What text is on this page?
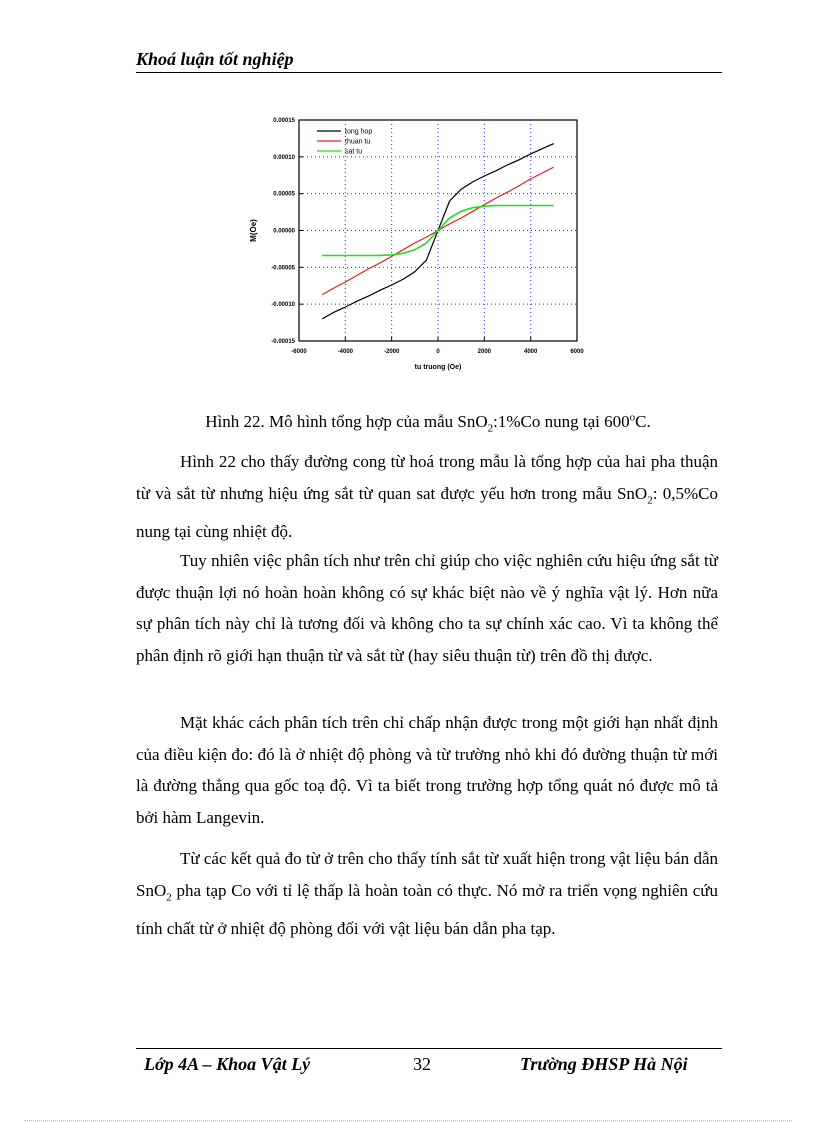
Khoá luận tốt nghiệp
-6000	-4000	-2000	0	2000	4000	6000
-0.00015
-0.00010
-0.00005
0.00000
0.00005
0.00010
0.00015
tu truong (Oe)
M(Oe)
tong hop
thuan tu
sat tu
Hình 22. Mô hình tổng hợp của mẫu SnO$_2$:1%Co nung tại 600$^o$C.
Hình 22 cho thấy đường cong từ hoá trong mẫu là tổng hợp của hai pha thuận từ và sắt từ nhưng hiệu ứng sắt từ quan sat được yếu hơn trong mẫu SnO$_2$: 0,5%Co nung tại cùng nhiệt độ.
Tuy nhiên việc phân tích như trên chỉ giúp cho việc nghiên cứu hiệu ứng sắt từ được thuận lợi nó hoàn hoàn không có sự khác biệt nào về ý nghĩa vật lý. Hơn nữa sự phân tích này chỉ là tương đối và không cho ta sự chính xác cao. Vì ta không thể phân định rõ giới hạn thuận từ và sắt từ (hay siêu thuận từ) trên đồ thị được.
Mặt khác cách phân tích trên chỉ chấp nhận được trong một giới hạn nhất định của điều kiện đo: đó là ở nhiệt độ phòng và từ trường nhỏ khi đó đường thuận từ mới là đường thẳng qua gốc toạ độ. Vì ta biết trong trường hợp tổng quát nó được mô tả bởi hàm Langevin.
Từ các kết quả đo từ ở trên cho thấy tính sắt từ xuất hiện trong vật liệu bán dẫn SnO$_2$ pha tạp Co với tỉ lệ thấp là hoàn toàn có thực. Nó mở ra triển vọng nghiên cứu tính chất từ ở nhiệt độ phòng đối với vật liệu bán dẫn pha tạp.
Lớp 4A – Khoa Vật Lý	32	Trường ĐHSP Hà Nội
